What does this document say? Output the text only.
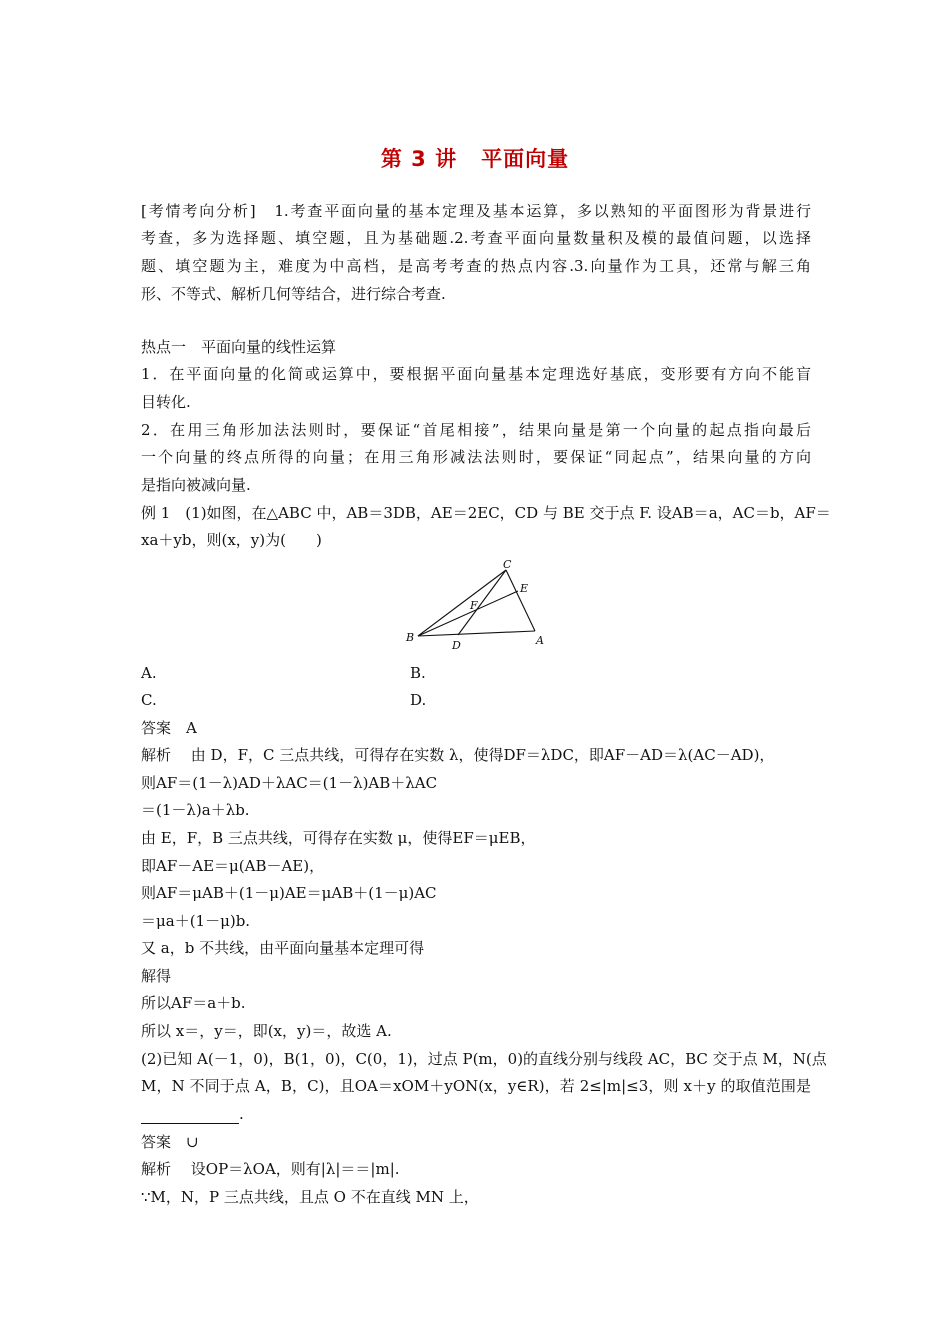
第 3 讲 平面向量
[考情考向分析]　1.考查平面向量的基本定理及基本运算，多以熟知的平面图形为背景进行
考查，多为选择题、填空题，且为基础题.2.考查平面向量数量积及模的最值问题，以选择
题、填空题为主，难度为中高档，是高考考查的热点内容.3.向量作为工具，还常与解三角
形、不等式、解析几何等结合，进行综合考查.
热点一　平面向量的线性运算
1．在平面向量的化简或运算中，要根据平面向量基本定理选好基底，变形要有方向不能盲
目转化.
2．在用三角形加法法则时，要保证“首尾相接”，结果向量是第一个向量的起点指向最后
一个向量的终点所得的向量；在用三角形减法法则时，要保证“同起点”，结果向量的方向
是指向被减向量.
例 1　(1)如图，在△ABC 中，AB＝3DB，AE＝2EC，CD 与 BE 交于点 F. 设AB＝a，AC＝b，AF＝
xa＋yb，则(x，y)为(　　)
C
E
F
B
D	A
A.	B.
C.	D.
答案　A
解析　 由 D，F，C 三点共线，可得存在实数 λ，使得DF＝λDC，即AF－AD＝λ(AC－AD)，
则AF＝(1－λ)AD＋λAC＝(1－λ)AB＋λAC
＝(1－λ)a＋λb.
由 E，F，B 三点共线，可得存在实数 μ，使得EF＝μEB，
即AF－AE＝μ(AB－AE)，
则AF＝μAB＋(1－μ)AE＝μAB＋(1－μ)AC
＝μa＋(1－μ)b.
又 a，b 不共线，由平面向量基本定理可得
解得
所以AF＝a＋b.
所以 x＝，y＝，即(x，y)＝，故选 A.
(2)已知 A(－1，0)，B(1，0)，C(0，1)，过点 P(m，0)的直线分别与线段 AC，BC 交于点 M，N(点
M，N 不同于点 A，B，C)，且OA＝xOM＋yON(x，y∈R)，若 2≤|m|≤3，则 x＋y 的取值范围是
.
答案　∪
解析　 设OP＝λOA，则有|λ|＝＝|m|.
∵M，N，P 三点共线，且点 O 不在直线 MN 上，
